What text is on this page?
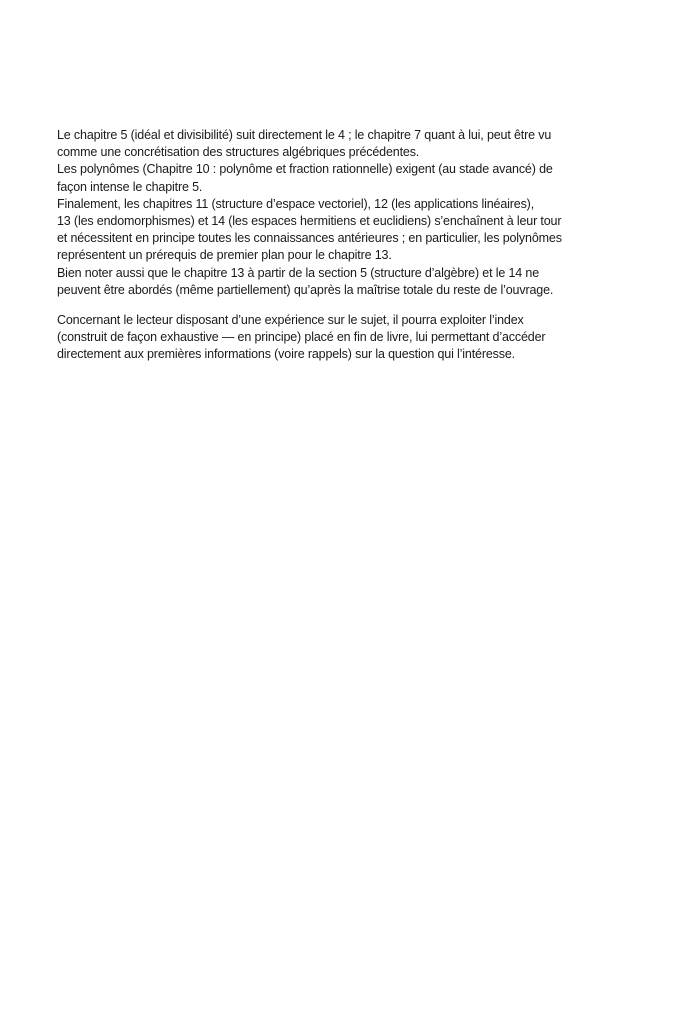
Le chapitre 5 (idéal et divisibilité) suit directement le 4 ; le chapitre 7 quant à lui, peut être vu
comme une concrétisation des structures algébriques précédentes.
Les polynômes (Chapitre 10 : polynôme et fraction rationnelle) exigent (au stade avancé) de
façon intense le chapitre 5.
Finalement, les chapitres 11 (structure d’espace vectoriel), 12 (les applications linéaires),
13 (les endomorphismes) et 14 (les espaces hermitiens et euclidiens) s’enchaînent à leur tour
et nécessitent en principe toutes les connaissances antérieures ; en particulier, les polynômes
représentent un prérequis de premier plan pour le chapitre 13.
Bien noter aussi que le chapitre 13 à partir de la section 5 (structure d’algèbre) et le 14 ne
peuvent être abordés (même partiellement) qu’après la maîtrise totale du reste de l’ouvrage.
Concernant le lecteur disposant d’une expérience sur le sujet, il pourra exploiter l’index
(construit de façon exhaustive — en principe) placé en fin de livre, lui permettant d’accéder
directement aux premières informations (voire rappels) sur la question qui l’intéresse.
